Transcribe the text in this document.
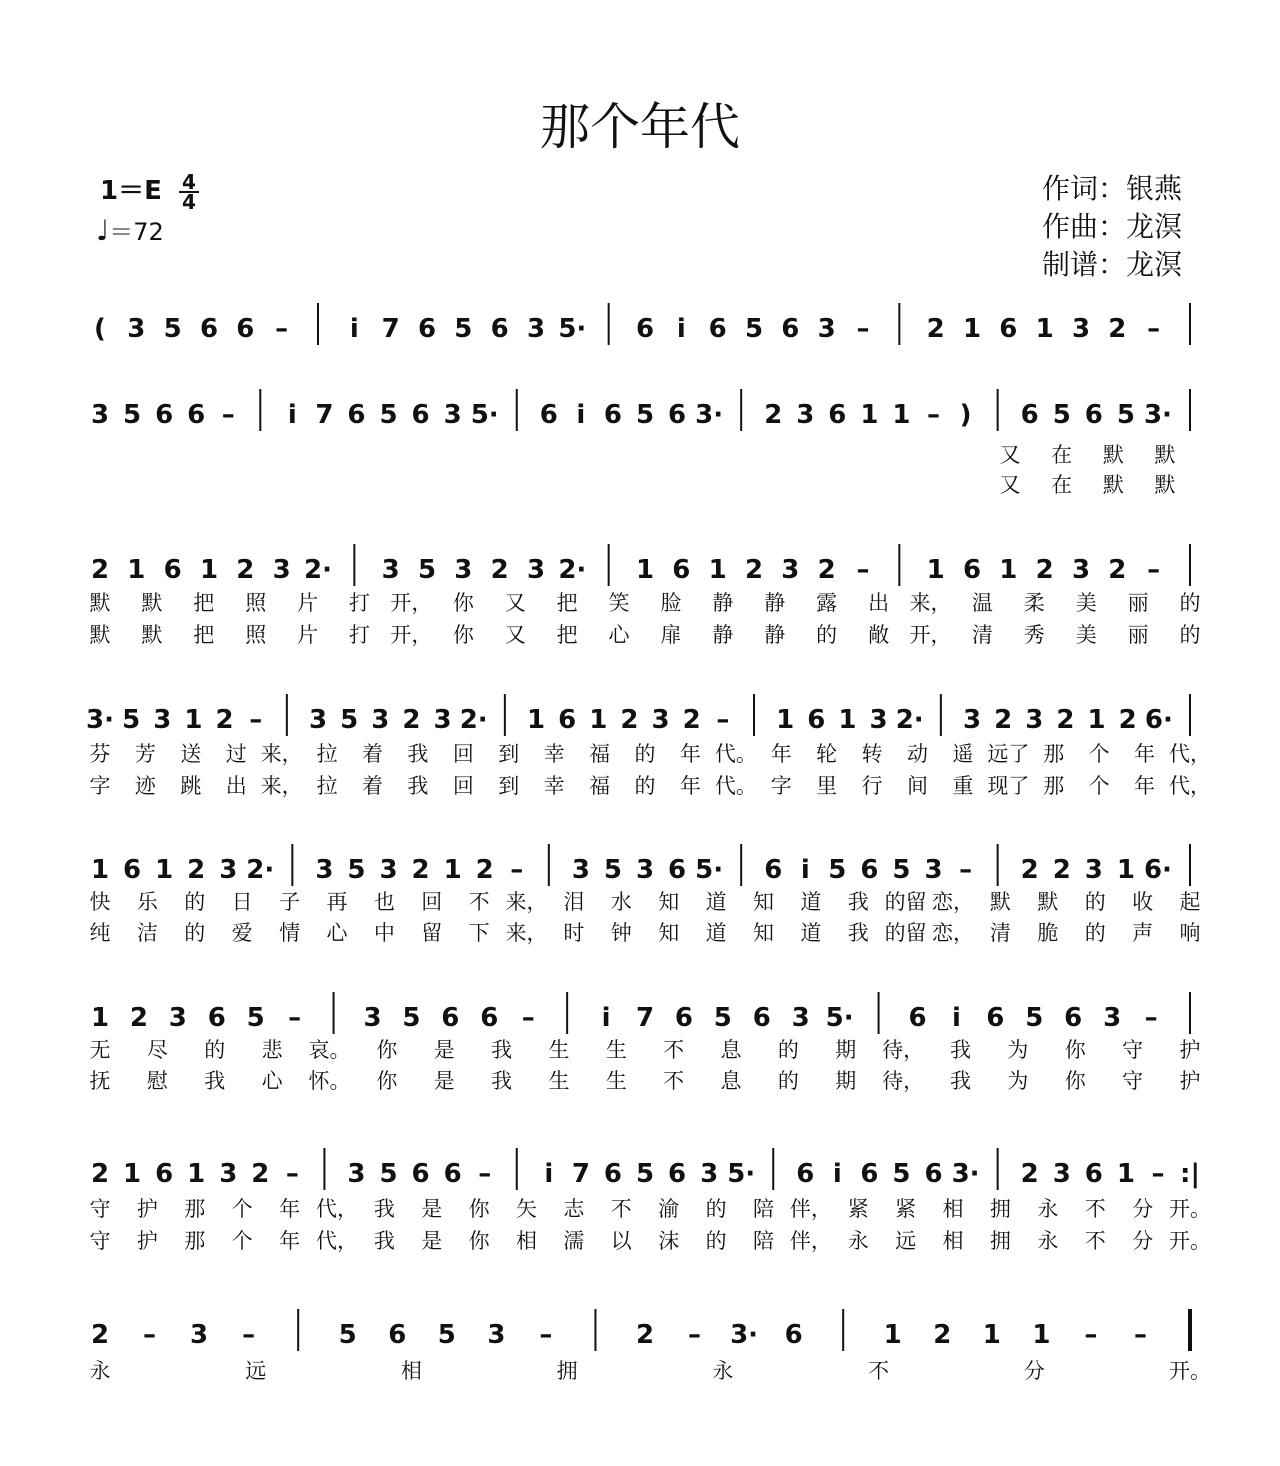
那个年代
$1=E \frac{4}{4}$
♩＝72
作词：银燕
作曲：龙溟
制谱：龙溟
( 3 5 6 6 – i 7 6 5 6 3 5· 6 i 6 5 6 3 – 2 1 6 1 3 2 –
3 5 6 6 – i 7 6 5 6 3 5· 6 i 6 5 6 3· 2 3 6 1 1 – ) 6 5 6 5 3·
又 在 默 默
又 在 默 默
2 1 6 1 2 3 2· 3 5 3 2 3 2· 1 6 1 2 3 2 – 1 6 1 2 3 2 –
默 默 把 照 片 打 开， 你 又 把 笑 脸 静 静 露 出 来， 温 柔 美 丽 的
默 默 把 照 片 打 开， 你 又 把 心 扉 静 静 的 敞 开， 清 秀 美 丽 的
3· 5 3 1 2 – 3 5 3 2 3 2· 1 6 1 2 3 2 – 1 6 1 3 2· 3 2 3 2 1 2 6·
芬 芳 送 过 来， 拉 着 我 回 到 幸 福 的 年 代。 年 轮 转 动 遥 远了 那 个 年 代，
字 迹 跳 出 来， 拉 着 我 回 到 幸 福 的 年 代。 字 里 行 间 重 现了 那 个 年 代，
1 6 1 2 3 2· 3 5 3 2 1 2 – 3 5 3 6 5· 6 i 5 6 5 3 – 2 2 3 1 6·
快 乐 的 日 子 再 也 回 不 来， 泪 水 知 道 知 道 我 的留 恋， 默 默 的 收 起
纯 洁 的 爱 情 心 中 留 下 来， 时 钟 知 道 知 道 我 的留 恋， 清 脆 的 声 响
1 2 3 6 5 – 3 5 6 6 –	i 7 6 5 6 3 5· 6 i 6 5 6 3 –
无 尽 的 悲 哀。 你 是 我 生 生 不 息 的 期 待， 我 为 你 守 护
抚 慰 我 心 怀。 你 是 我 生 生 不 息 的 期 待， 我 为 你 守 护
2 1 6 1 3 2 – 3 5 6 6 – i 7 6 5 6 3 5· 6 i 6 5 6 3· 2 3 6 1 – :|
守 护 那 个 年 代， 我 是 你 矢 志 不 渝 的 陪 伴， 紧 紧 相 拥 永 不 分 开。
守 护 那 个 年 代， 我 是 你 相 濡 以 沫 的 陪 伴， 永 远 相 拥 永 不 分 开。
2 – 3 –	5 6 5 3 –	2 – 3· 6	1 2 1 1 – –
永	远	相	拥	永	不	分	开。
